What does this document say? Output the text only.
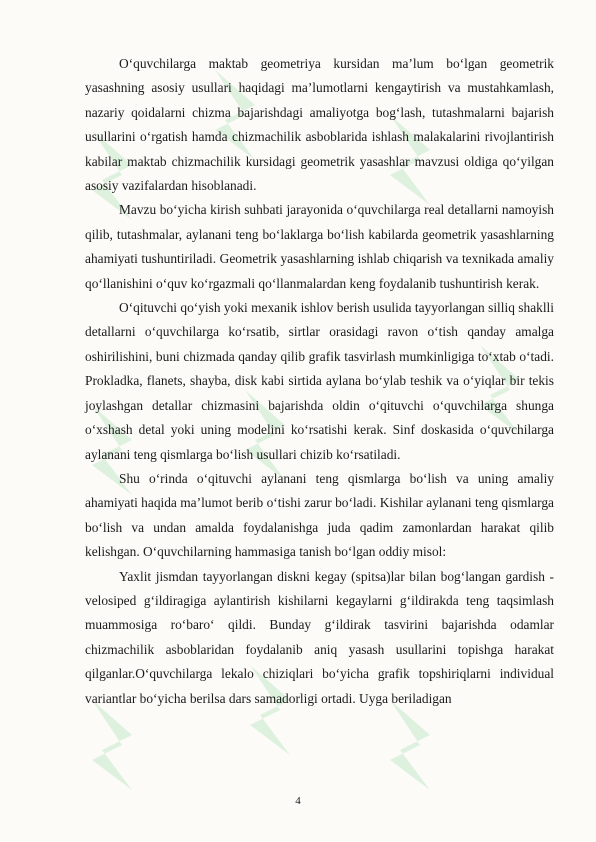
O‘quvchilarga maktab geometriya kursidan ma’lum bo‘lgan geometrik yasashning asosiy usullari haqidagi ma’lumotlarni kengaytirish va mustahkamlash, nazariy qoidalarni chizma bajarishdagi amaliyotga bog‘lash, tutashmalarni bajarish usullarini o‘rgatish hamda chizmachilik asboblarida ishlash malakalarini rivojlantirish kabilar maktab chizmachilik kursidagi geometrik yasashlar mavzusi oldiga qo‘yilgan asosiy vazifalardan hisoblanadi.

Mavzu bo‘yicha kirish suhbati jarayonida o‘quvchilarga real detallarni namoyish qilib, tutashmalar, aylanani teng bo‘laklarga bo‘lish kabilarda geometrik yasashlarning ahamiyati tushuntiriladi. Geometrik yasashlarning ishlab chiqarish va texnikada amaliy qo‘llanishini o‘quv ko‘rgazmali qo‘llanmalardan keng foydalanib tushuntirish kerak.

O‘qituvchi qo‘yish yoki mexanik ishlov berish usulida tayyorlangan silliq shaklli detallarni o‘quvchilarga ko‘rsatib, sirtlar orasidagi ravon o‘tish qanday amalga oshirilishini, buni chizmada qanday qilib grafik tasvirlash mumkinligiga to‘xtab o‘tadi. Prokladka, flanets, shayba, disk kabi sirtida aylana bo‘ylab teshik va o‘yiqlar bir tekis joylashgan detallar chizmasini bajarishda oldin o‘qituvchi o‘quvchilarga shunga o‘xshash detal yoki uning modelini ko‘rsatishi kerak. Sinf doskasida o‘quvchilarga aylanani teng qismlarga bo‘lish usullari chizib ko‘rsatiladi.

Shu o‘rinda o‘qituvchi aylanani teng qismlarga bo‘lish va uning amaliy ahamiyati haqida ma’lumot berib o‘tishi zarur bo‘ladi. Kishilar aylanani teng qismlarga bo‘lish va undan amalda foydalanishga juda qadim zamonlardan harakat qilib kelishgan. O‘quvchilarning hammasiga tanish bo‘lgan oddiy misol:

Yaxlit jismdan tayyorlangan diskni kegay (spitsa)lar bilan bog‘langan gardish - velosiped g‘ildiragiga aylantirish kishilarni kegaylarni g‘ildirakda teng taqsimlash muammosiga ro‘baro‘ qildi. Bunday g‘ildirak tasvirini bajarishda odamlar chizmachilik asboblaridan foydalanib aniq yasash usullarini topishga harakat qilganlar.O‘quvchilarga lekalo chiziqlari bo‘yicha grafik topshiriqlarni individual variantlar bo‘yicha berilsa dars samadorligi ortadi. Uyga beriladigan

4
